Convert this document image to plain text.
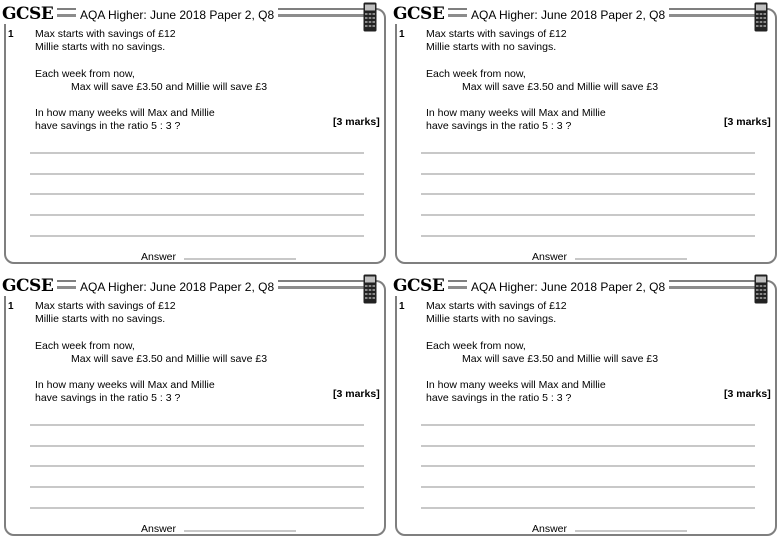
GCSE	AQA Higher: June 2018 Paper 2, Q8
1 Max starts with savings of £12
Millie starts with no savings.
Each week from now,
Max will save £3.50 and Millie will save £3
In how many weeks will Max and Millie
have savings in the ratio 5 : 3 ?	[3 marks]
Answer
GCSE	AQA Higher: June 2018 Paper 2, Q8
1 Max starts with savings of £12
Millie starts with no savings.
Each week from now,
Max will save £3.50 and Millie will save £3
In how many weeks will Max and Millie
have savings in the ratio 5 : 3 ?	[3 marks]
Answer
GCSE	AQA Higher: June 2018 Paper 2, Q8
1 Max starts with savings of £12
Millie starts with no savings.
Each week from now,
Max will save £3.50 and Millie will save £3
In how many weeks will Max and Millie
have savings in the ratio 5 : 3 ?	[3 marks]
Answer
GCSE	AQA Higher: June 2018 Paper 2, Q8
1 Max starts with savings of £12
Millie starts with no savings.
Each week from now,
Max will save £3.50 and Millie will save £3
In how many weeks will Max and Millie
have savings in the ratio 5 : 3 ?	[3 marks]
Answer
